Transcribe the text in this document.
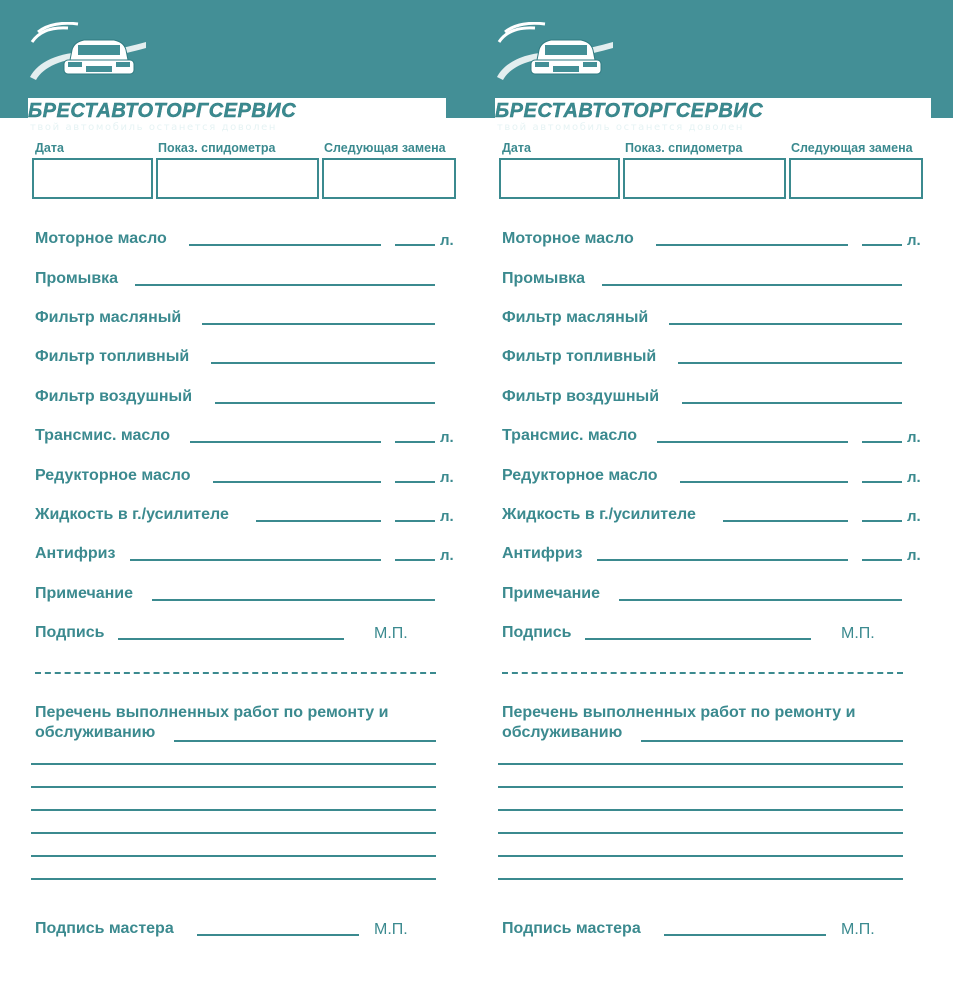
БРЕСТАВТОТОРГСЕРВИС
твой автомобиль останется доволен
Дата	Показ. спидометра	Следующая замена
Моторное масло	л.
Промывка
Фильтр масляный
Фильтр топливный
Фильтр воздушный
Трансмис. масло	л.
Редукторное масло	л.
Жидкость в г./усилителе	л.
Антифриз	л.
Примечание
Подпись	М.П.
Перечень выполненных работ по ремонту и
обслуживанию
Подпись мастера	М.П.
БРЕСТАВТОТОРГСЕРВИС
твой автомобиль останется доволен
Дата	Показ. спидометра	Следующая замена
Моторное масло	л.
Промывка
Фильтр масляный
Фильтр топливный
Фильтр воздушный
Трансмис. масло	л.
Редукторное масло	л.
Жидкость в г./усилителе	л.
Антифриз	л.
Примечание
Подпись	М.П.
Перечень выполненных работ по ремонту и
обслуживанию
Подпись мастера	М.П.
